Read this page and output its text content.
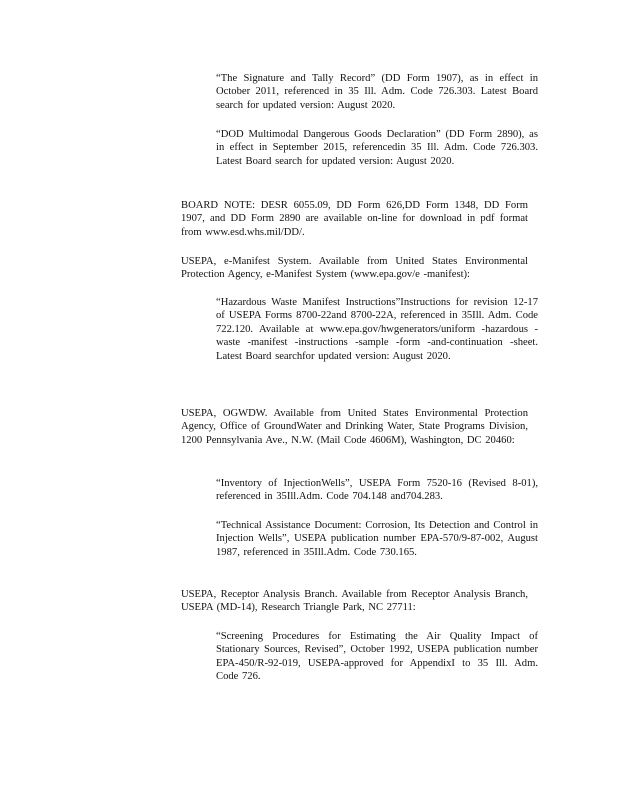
“The Signature and Tally Record” (DD Form 1907), as in effect in October 2011, referenced in 35 Ill. Adm. Code 726.303. Latest Board search for updated version: August 2020.

“DOD Multimodal Dangerous Goods Declaration” (DD Form 2890), as in effect in September 2015, referencedin 35 Ill. Adm. Code 726.303. Latest Board search for updated version: August 2020.

BOARD NOTE: DESR 6055.09, DD Form 626,DD Form 1348, DD Form 1907, and DD Form 2890 are available on-line for download in pdf format from www.esd.whs.mil/DD/.

USEPA, e-Manifest System. Available from United States Environmental Protection Agency, e-Manifest System (www.epa.gov/e -manifest):

“Hazardous Waste Manifest Instructions”Instructions for revision 12-17 of USEPA Forms 8700-22and 8700-22A, referenced in 35Ill. Adm. Code 722.120. Available at www.epa.gov/hwgenerators/uniform -hazardous -waste -manifest -instructions -sample -form -and-continuation -sheet. Latest Board searchfor updated version: August 2020.

USEPA, OGWDW. Available from United States Environmental Protection Agency, Office of GroundWater and Drinking Water, State Programs Division, 1200 Pennsylvania Ave., N.W. (Mail Code 4606M), Washington, DC 20460:

“Inventory of InjectionWells”, USEPA Form 7520-16 (Revised 8-01), referenced in 35Ill.Adm. Code 704.148 and704.283.

“Technical Assistance Document: Corrosion, Its Detection and Control in Injection Wells”, USEPA publication number EPA-570/9-87-002, August 1987, referenced in 35Ill.Adm. Code 730.165.

USEPA, Receptor Analysis Branch. Available from Receptor Analysis Branch, USEPA (MD-14), Research Triangle Park, NC 27711:

“Screening Procedures for Estimating the Air Quality Impact of Stationary Sources, Revised”, October 1992, USEPA publication number EPA-450/R-92-019, USEPA-approved for AppendixI to 35 Ill. Adm. Code 726.
